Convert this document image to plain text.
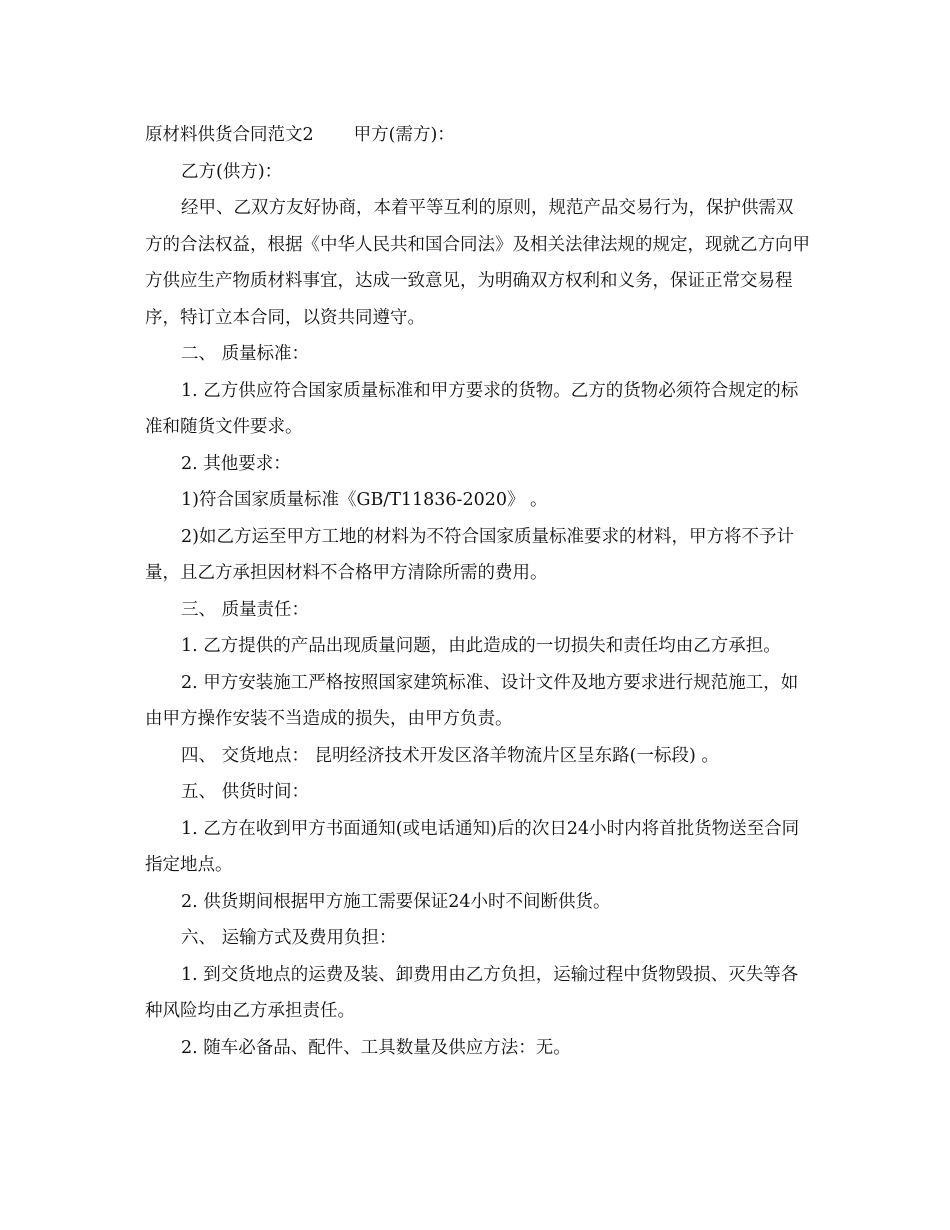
原材料供货合同范文2 甲方(需方)：

乙方(供方)：

经甲、乙双方友好协商，本着平等互利的原则，规范产品交易行为，保护供需双方的合法权益，根据《中华人民共和国合同法》及相关法律法规的规定，现就乙方向甲方供应生产物质材料事宜，达成一致意见，为明确双方权利和义务，保证正常交易程序，特订立本合同，以资共同遵守。

二、 质量标准：

1. 乙方供应符合国家质量标准和甲方要求的货物。乙方的货物必须符合规定的标准和随货文件要求。

2. 其他要求：

1)符合国家质量标准《GB/T11836-2020》 。

2)如乙方运至甲方工地的材料为不符合国家质量标准要求的材料，甲方将不予计量，且乙方承担因材料不合格甲方清除所需的费用。

三、 质量责任：

1. 乙方提供的产品出现质量问题，由此造成的一切损失和责任均由乙方承担。

2. 甲方安装施工严格按照国家建筑标准、设计文件及地方要求进行规范施工，如由甲方操作安装不当造成的损失，由甲方负责。

四、 交货地点： 昆明经济技术开发区洛羊物流片区呈东路(一标段) 。

五、 供货时间：

1. 乙方在收到甲方书面通知(或电话通知)后的次日24小时内将首批货物送至合同指定地点。

2. 供货期间根据甲方施工需要保证24小时不间断供货。

六、 运输方式及费用负担：

1. 到交货地点的运费及装、卸费用由乙方负担，运输过程中货物毁损、灭失等各种风险均由乙方承担责任。

2. 随车必备品、配件、工具数量及供应方法：无。
